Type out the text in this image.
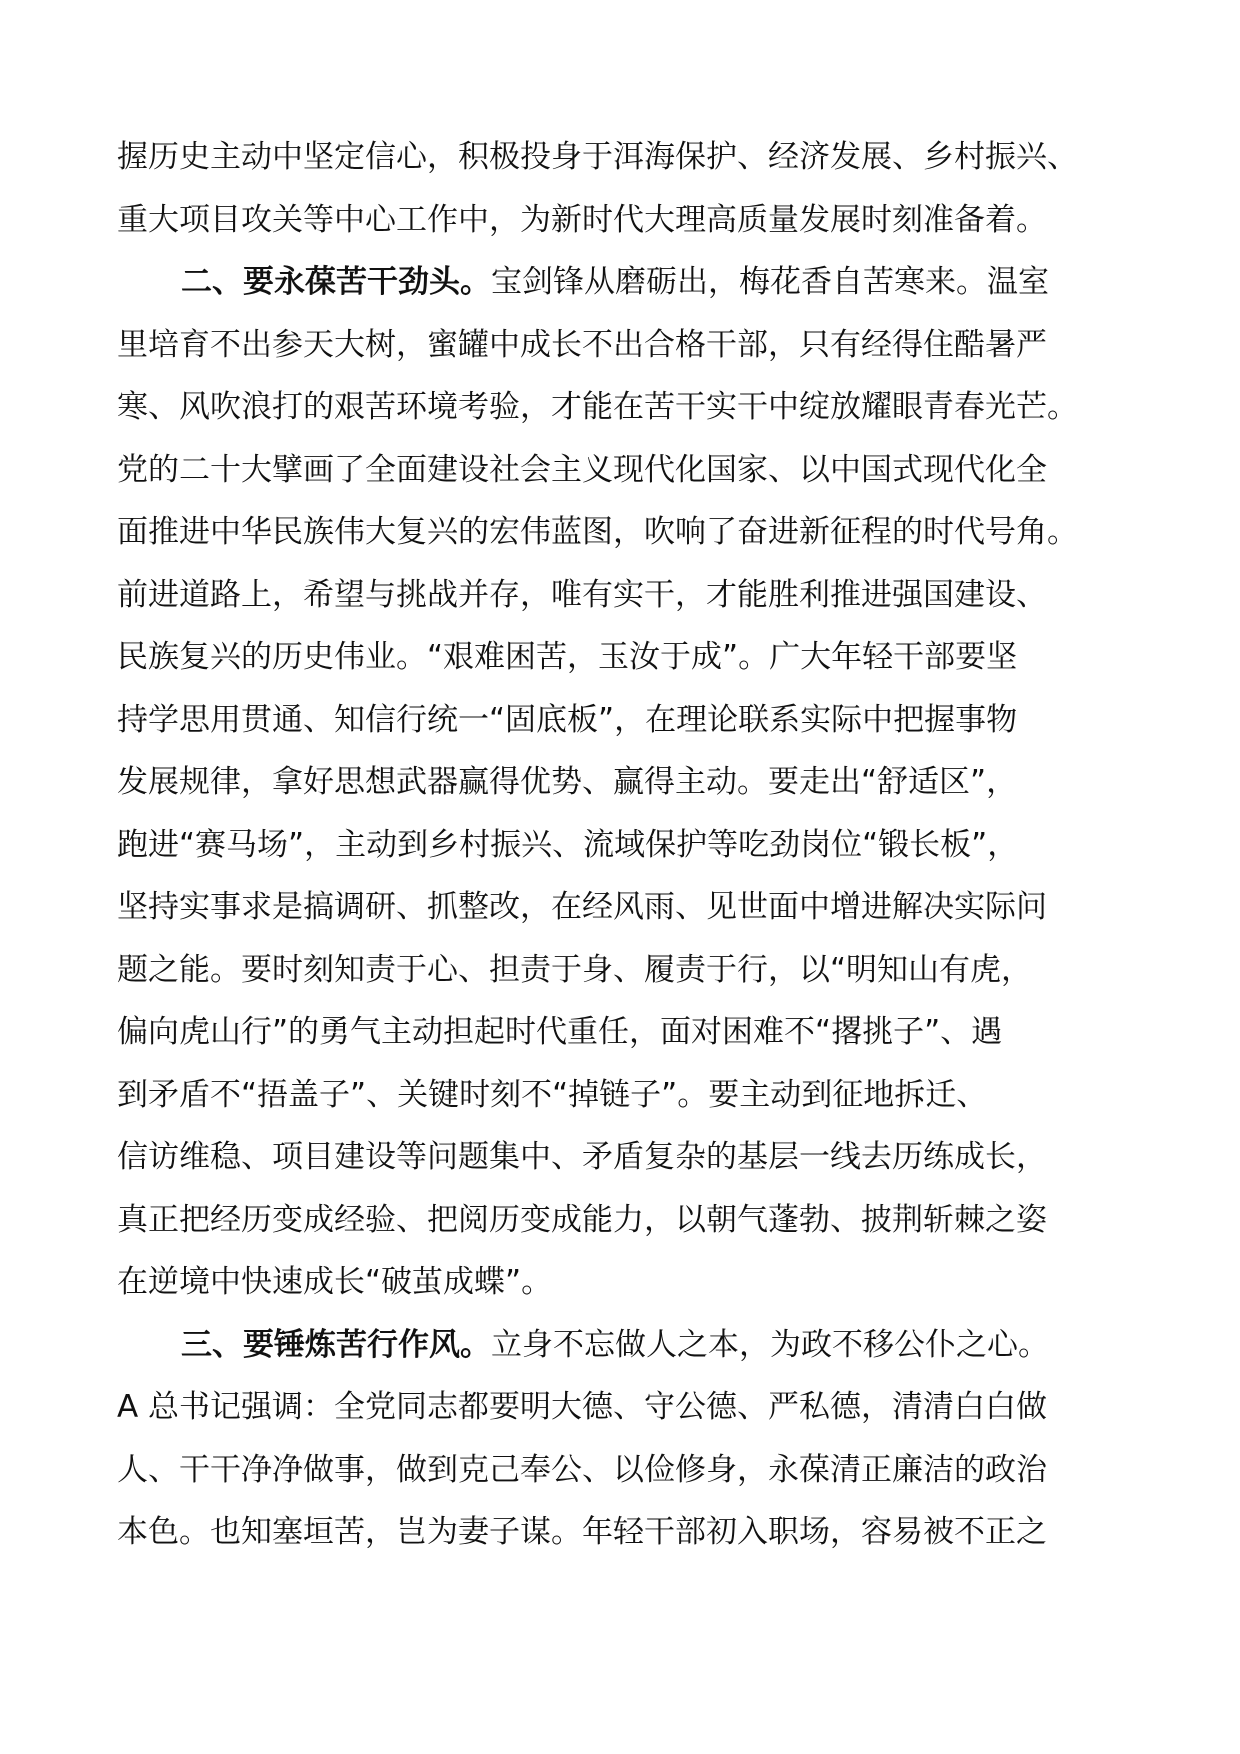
握历史主动中坚定信心，积极投身于洱海保护、经济发展、乡村振兴、
重大项目攻关等中心工作中，为新时代大理高质量发展时刻准备着。
二、要永葆苦干劲头。宝剑锋从磨砺出，梅花香自苦寒来。温室
里培育不出参天大树，蜜罐中成长不出合格干部，只有经得住酷暑严
寒、风吹浪打的艰苦环境考验，才能在苦干实干中绽放耀眼青春光芒。
党的二十大擘画了全面建设社会主义现代化国家、以中国式现代化全
面推进中华民族伟大复兴的宏伟蓝图，吹响了奋进新征程的时代号角。
前进道路上，希望与挑战并存，唯有实干，才能胜利推进强国建设、
民族复兴的历史伟业。“艰难困苦，玉汝于成”。广大年轻干部要坚
持学思用贯通、知信行统一“固底板”，在理论联系实际中把握事物
发展规律，拿好思想武器赢得优势、赢得主动。要走出“舒适区”，
跑进“赛马场”，主动到乡村振兴、流域保护等吃劲岗位“锻长板”，
坚持实事求是搞调研、抓整改，在经风雨、见世面中增进解决实际问
题之能。要时刻知责于心、担责于身、履责于行，以“明知山有虎，
偏向虎山行”的勇气主动担起时代重任，面对困难不“撂挑子”、遇
到矛盾不“捂盖子”、关键时刻不“掉链子”。要主动到征地拆迁、
信访维稳、项目建设等问题集中、矛盾复杂的基层一线去历练成长，
真正把经历变成经验、把阅历变成能力，以朝气蓬勃、披荆斩棘之姿
在逆境中快速成长“破茧成蝶”。
三、要锤炼苦行作风。立身不忘做人之本，为政不移公仆之心。
A 总书记强调：全党同志都要明大德、守公德、严私德，清清白白做
人、干干净净做事，做到克己奉公、以俭修身，永葆清正廉洁的政治
本色。也知塞垣苦，岂为妻子谋。年轻干部初入职场，容易被不正之
